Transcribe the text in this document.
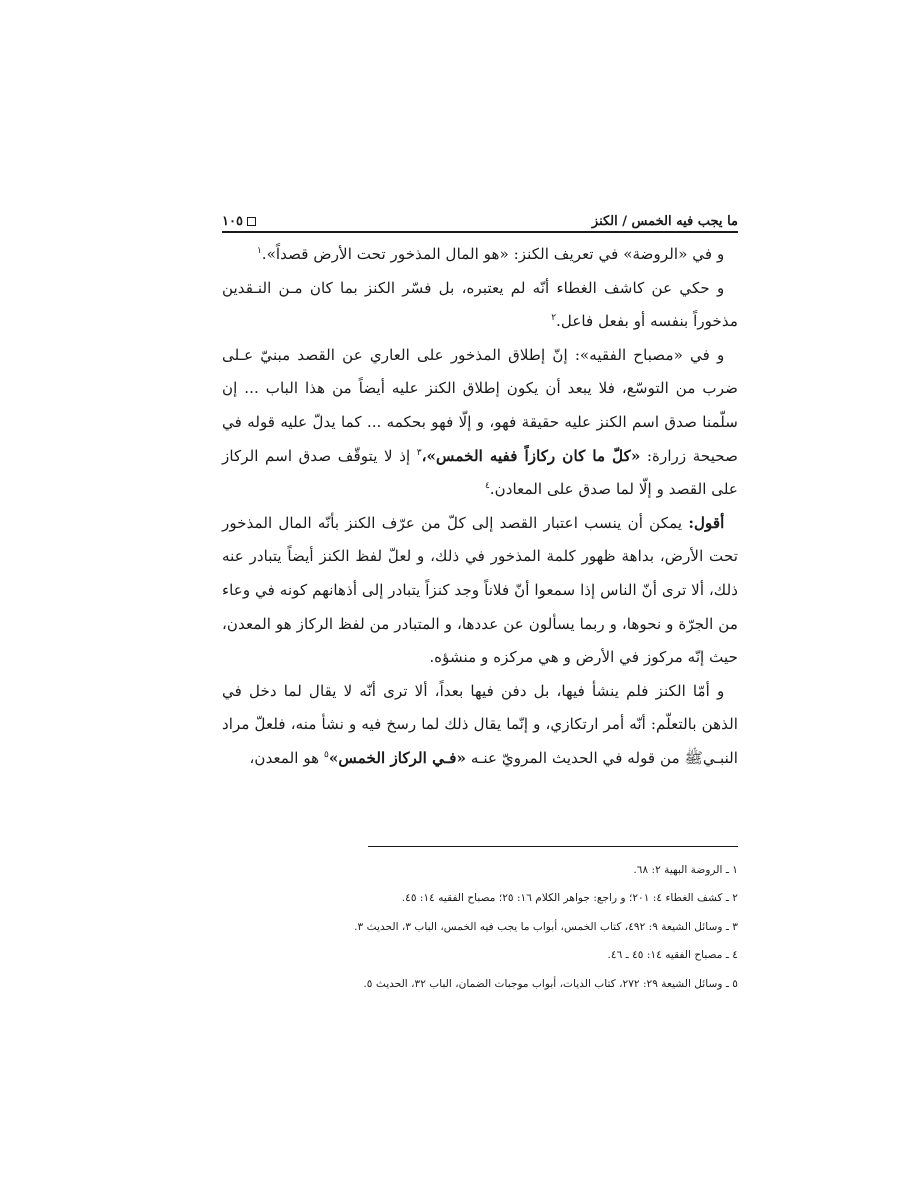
ما يجب فيه الخمس / الكنز
١٠٥

و في «الروضة» في تعريف الكنز: «هو المال المذخور تحت الأرض قصداً».$^١$

و حكي عن كاشف الغطاء أنّه لم يعتبره، بل فسّر الكنز بما كان مـن النـقدين مذخوراً بنفسه أو بفعل فاعل.$^٢$

و في «مصباح الفقيه»: إنّ إطلاق المذخور على العاري عن القصد مبنيّ عـلى ضرب من التوسّع، فلا يبعد أن يكون إطلاق الكنز عليه أيضاً من هذا الباب ... إن سلّمنا صدق اسم الكنز عليه حقيقة فهو، و إلّا فهو بحكمه ... كما يدلّ عليه قوله في صحيحة زرارة: «كلّ ما كان ركازاً ففيه الخمس»،$^٣$ إذ لا يتوقّف صدق اسم الركاز على القصد و إلّا لما صدق على المعادن.$^٤$

أقول: يمكن أن ينسب اعتبار القصد إلى كلّ من عرّف الكنز بأنّه المال المذخور تحت الأرض، بداهة ظهور كلمة المذخور في ذلك، و لعلّ لفظ الكنز أيضاً يتبادر عنه ذلك، ألا ترى أنّ الناس إذا سمعوا أنّ فلاناً وجد كنزاً يتبادر إلى أذهانهم كونه في وعاء من الجرّة و نحوها، و ربما يسألون عن عددها، و المتبادر من لفظ الركاز هو المعدن، حيث إنّه مركوز في الأرض و هي مركزه و منشؤه.

و أمّا الكنز فلم ينشأ فيها، بل دفن فيها بعداً، ألا ترى أنّه لا يقال لما دخل في الذهن بالتعلّم: أنّه أمر ارتكازي، و إنّما يقال ذلك لما رسخ فيه و نشأ منه، فلعلّ مراد النبـيﷺ من قوله في الحديث المرويّ عنـه «فـي الركاز الخمس»$^٥$ هو المعدن،

١ ـ الروضة البهية ٢: ٦٨.
٢ ـ كشف الغطاء ٤: ٢٠١؛ و راجع: جواهر الكلام ١٦: ٢٥؛ مصباح الفقيه ١٤: ٤٥.
٣ ـ وسائل الشيعة ٩: ٤٩٢، كتاب الخمس، أبواب ما يجب فيه الخمس، الباب ٣، الحديث ٣.
٤ ـ مصباح الفقيه ١٤: ٤٥ ـ ٤٦.
٥ ـ وسائل الشيعة ٢٩: ٢٧٢، كتاب الديات، أبواب موجبات الضمان، الباب ٣٢، الحديث ٥.
